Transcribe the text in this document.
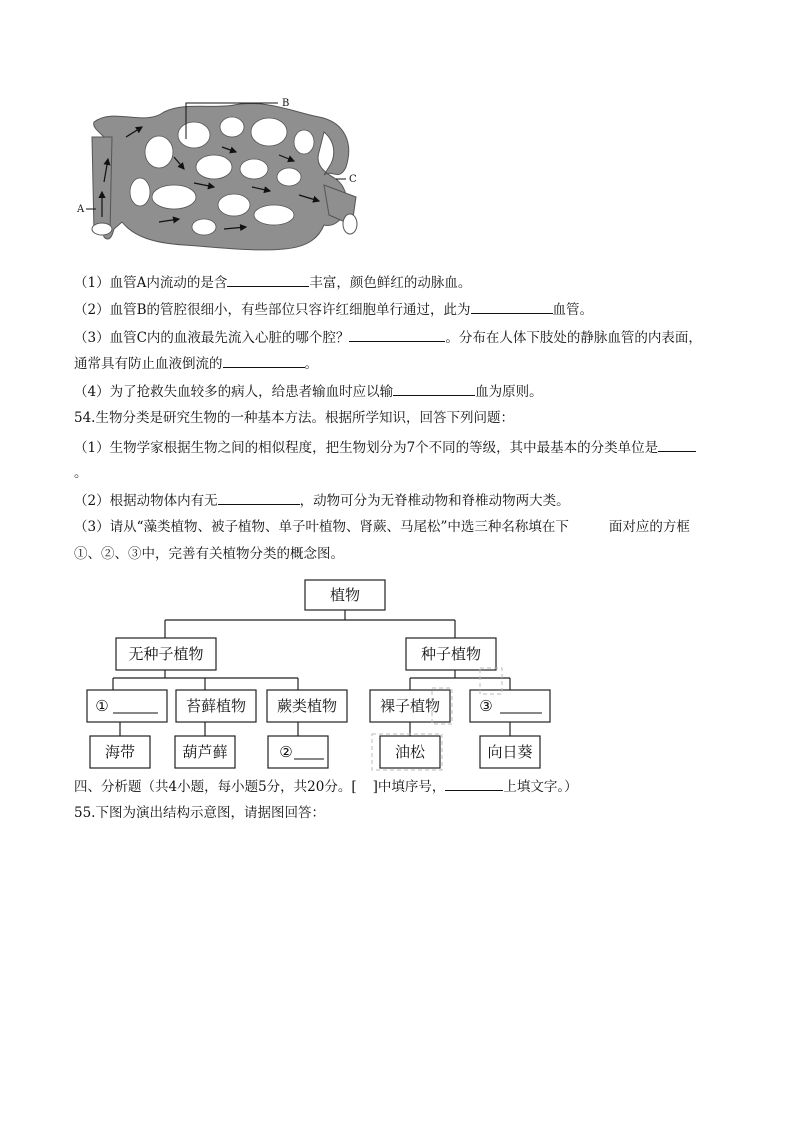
A
B
C
（1）血管A内流动的是含	丰富，颜色鲜红的动脉血。
（2）血管B的管腔很细小，有些部位只容许红细胞单行通过，此为	血管。
（3）血管C内的血液最先流入心脏的哪个腔？	。分布在人体下肢处的静脉血管的内表面，
通常具有防止血液倒流的	。
（4）为了抢救失血较多的病人，给患者输血时应以输	血为原则。
54.生物分类是研究生物的一种基本方法。根据所学知识，回答下列问题：
（1）生物学家根据生物之间的相似程度，把生物划分为7个不同的等级，其中最基本的分类单位是
。
（2）根据动物体内有无	，动物可分为无脊椎动物和脊椎动物两大类。
（3）请从“藻类植物、被子植物、单子叶植物、肾蕨、马尾松”中选三种名称填在下	面对应的方框
①、②、③中，完善有关植物分类的概念图。
植物
无种子植物	种子植物
①	苔藓植物 蕨类植物	裸子植物	③
海带	葫芦藓	②	油松	向日葵
四、分析题（共4小题，每小题5分，共20分。[ ]中填序号，	上填文字。）
55.下图为演出结构示意图，请据图回答：
